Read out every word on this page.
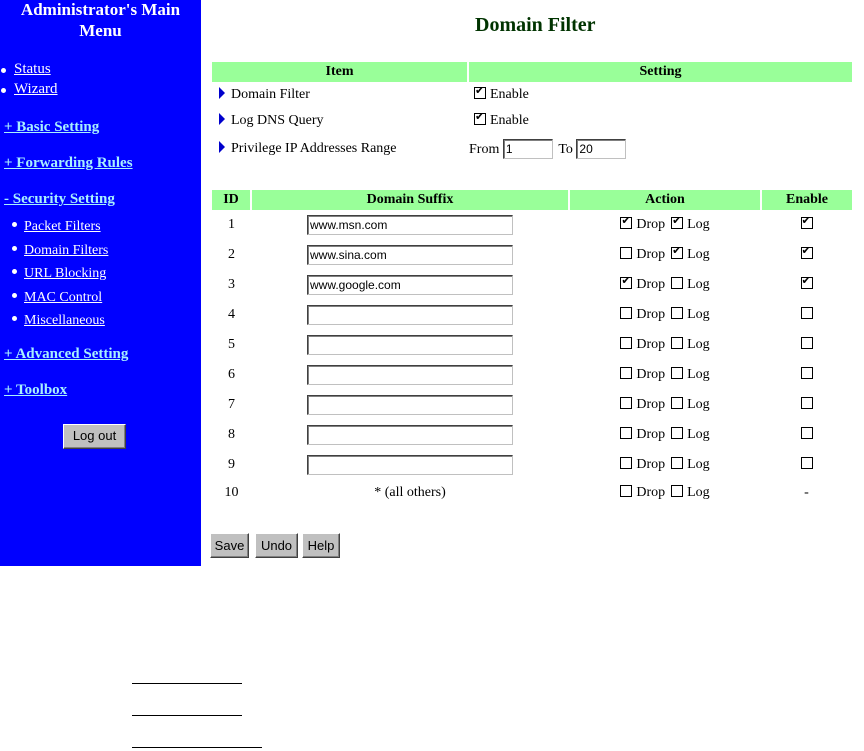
Administrator's Main Menu
Status
Wizard
+ Basic Setting
+ Forwarding Rules
- Security Setting
Packet Filters
Domain Filters
URL Blocking
MAC Control
Miscellaneous
+ Advanced Setting
+ Toolbox
Log out
Domain Filter
Item	Setting
Domain Filter	✔Enable
Log DNS Query	✔Enable
Privilege IP Addresses Range	From 1 To 20
ID	Domain Suffix	Action	Enable
1	www.msn.com	✔Drop ✔ Log	✔
2	www.sina.com	Drop ✔ Log	✔
3	www.google.com	✔Drop Log	✔
4		Drop Log	
5		Drop Log	
6		Drop Log	
7		Drop Log	
8		Drop Log	
9		Drop Log	
10	* (all others)	Drop Log	-
Save	Undo	Help
